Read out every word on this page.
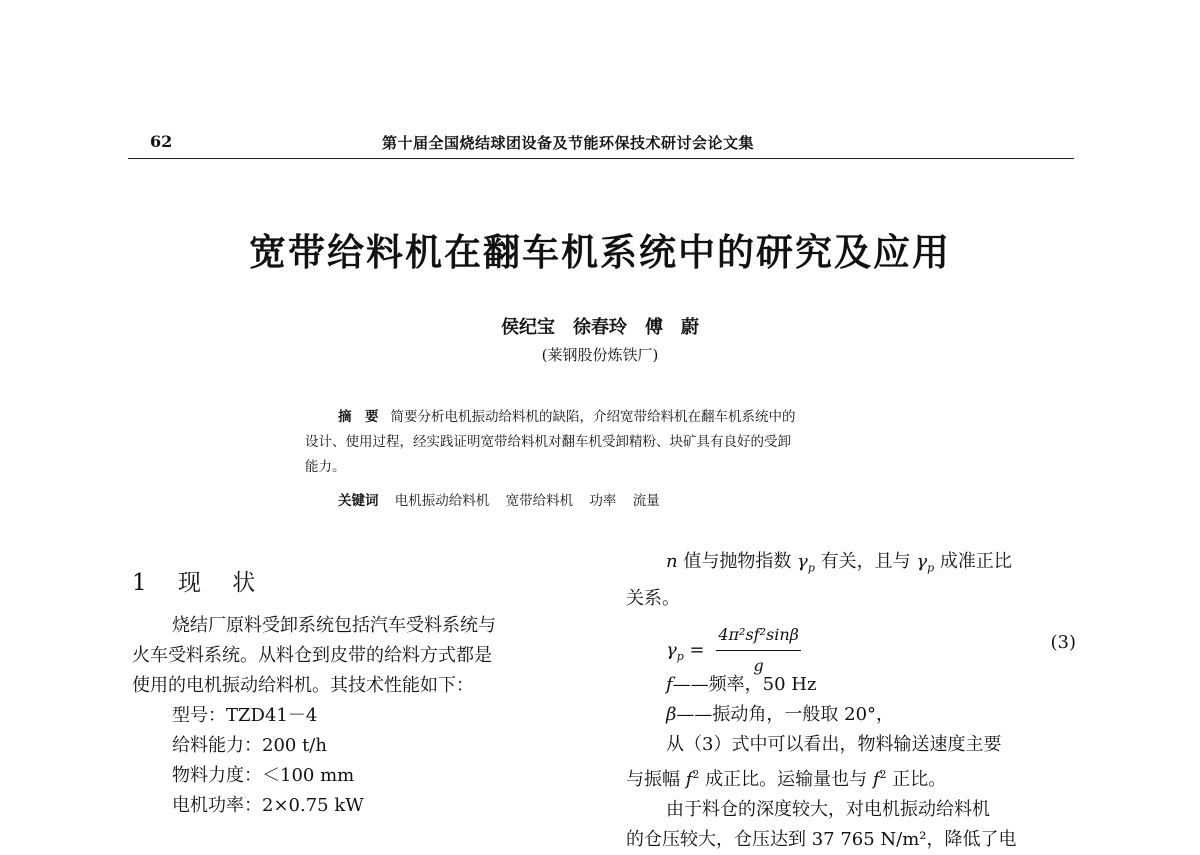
62	第十届全国烧结球团设备及节能环保技术研讨会论文集
宽带给料机在翻车机系统中的研究及应用
侯纪宝　徐春玲　傅　蔚
(莱钢股份炼铁厂)
摘　要 简要分析电机振动给料机的缺陷，介绍宽带给料机在翻车机系统中的
设计、使用过程，经实践证明宽带给料机对翻车机受卸精粉、块矿具有良好的受卸
能力。
关键词 电机振动给料机 宽带给料机 功率 流量
1 现 状
烧结厂原料受卸系统包括汽车受料系统与
火车受料系统。从料仓到皮带的给料方式都是
使用的电机振动给料机。其技术性能如下：
型号：TZD41－4
给料能力：200 t/h
物料力度：＜100 mm
电机功率：2×0.75 kW
n 值与抛物指数 $\gamma_p$ 有关，且与 $\gamma_p$ 成准正比
关系。
$\gamma_p = \frac{\text{4π²sf²sinβ}}{g}$	(3)
f——频率，50 Hz
β——振动角，一般取 20°，
从（3）式中可以看出，物料输送速度主要
与振幅 $f^2$ 成正比。运输量也与 $f^2$ 正比。
由于料仓的深度较大，对电机振动给料机
的仓压较大，仓压达到 37 765 N/m²，降低了电
